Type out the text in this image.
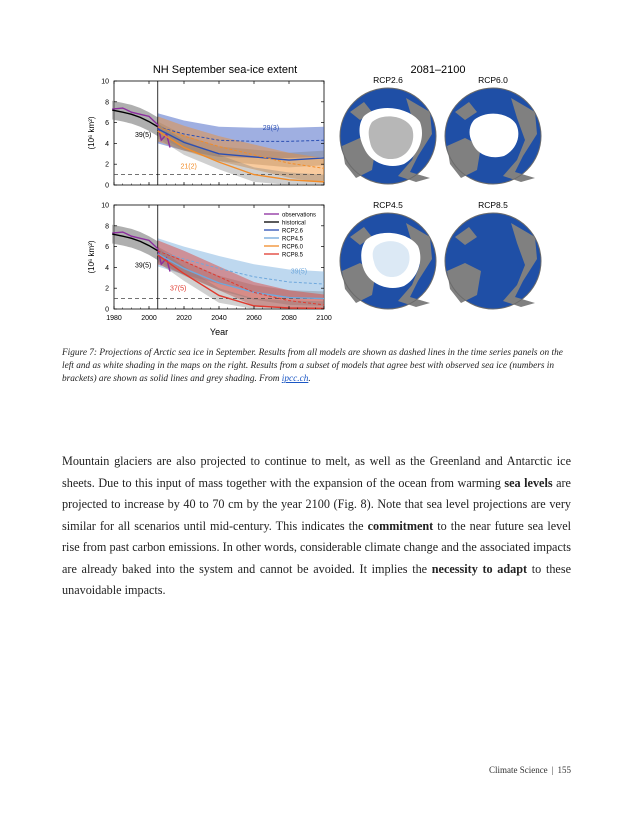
NH September sea-ice extent	2081–2100
(10⁶ km²)
(10⁶ km²)
Year
observations
historical
RCP2.6
RCP4.5
RCP6.0
RCP8.5
RCP2.6	RCP6.0
RCP4.5	RCP8.5
0
2
4
6
8
10
39(5)
29(3)
21(2)
1980	2000	2020	2040	2060	2080	2100
0
2
4
6
8
10
39(5)
39(5)
37(5)
Figure 7: Projections of Arctic sea ice in September. Results from all models are shown as dashed lines in the time series panels on the left and as white shading in the maps on the right. Results from a subset of models that agree best with observed sea ice (numbers in brackets) are shown as solid lines and grey shading. From ipcc.ch.

Mountain glaciers are also projected to continue to melt, as well as the Greenland and Antarctic ice sheets. Due to this input of mass together with the expansion of the ocean from warming sea levels are projected to increase by 40 to 70 cm by the year 2100 (Fig. 8). Note that sea level projections are very similar for all scenarios until mid-century. This indicates the commitment to the near future sea level rise from past carbon emissions. In other words, considerable climate change and the associated impacts are already baked into the system and cannot be avoided. It implies the necessity to adapt to these unavoidable impacts.

Climate Science | 155
